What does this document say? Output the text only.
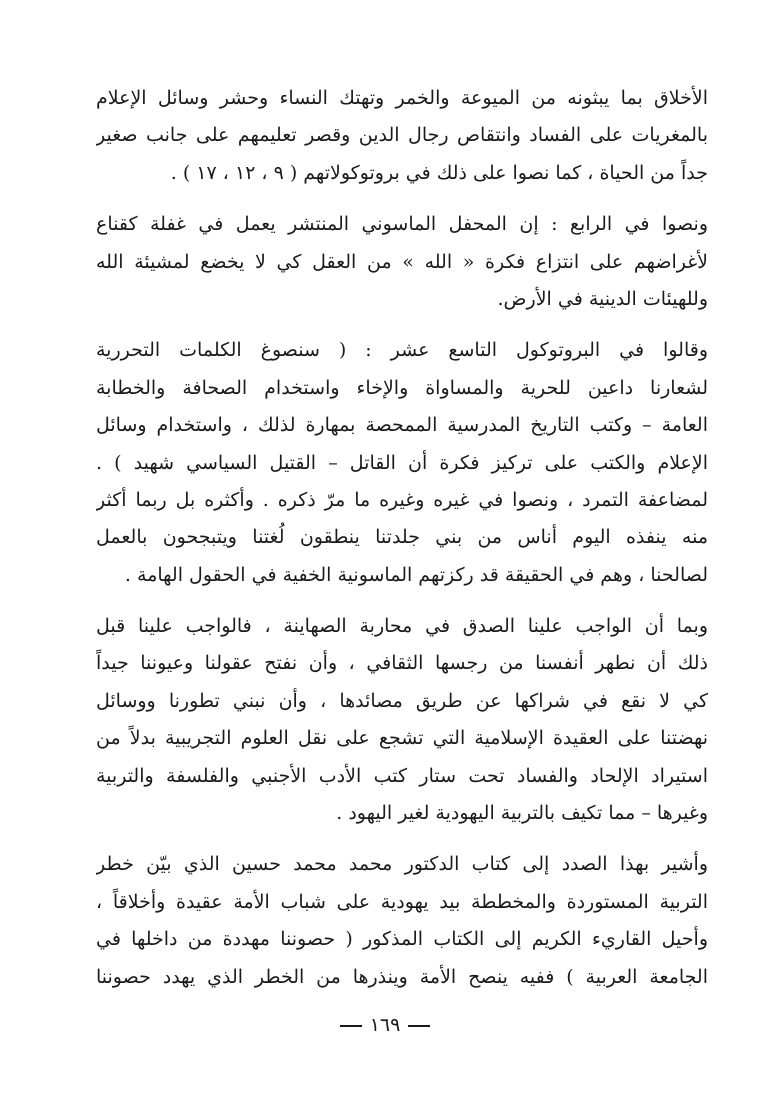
الأخلاق بما يبثونه من الميوعة والخمر وتهتك النساء وحشر وسائل الإعلام
بالمغريات على الفساد وانتقاص رجال الدين وقصر تعليمهم على جانب صغير
جداً من الحياة ، كما نصوا على ذلك في بروتوكولاتهم ( ٩ ، ١٢ ، ١٧ ) .
ونصوا في الرابع : إن المحفل الماسوني المنتشر يعمل في غفلة كقناع
لأغراضهم على انتزاع فكرة « الله » من العقل كي لا يخضع لمشيئة الله
وللهيئات الدينية في الأرض.
وقالوا في البروتوكول التاسع عشر : ( سنصوغ الكلمات التحررية
لشعارنا داعين للحرية والمساواة والإخاء واستخدام الصحافة والخطابة
العامة – وكتب التاريخ المدرسية الممحصة بمهارة لذلك ، واستخدام وسائل
الإعلام والكتب على تركيز فكرة أن القاتل – القتيل السياسي شهيد ) .
لمضاعفة التمرد ، ونصوا في غيره وغيره ما مرّ ذكره . وأكثره بل ربما أكثر
منه ينفذه اليوم أناس من بني جلدتنا ينطقون لُغتنا ويتبجحون بالعمل
لصالحنا ، وهم في الحقيقة قد ركزتهم الماسونية الخفية في الحقول الهامة .
وبما أن الواجب علينا الصدق في محاربة الصهاينة ، فالواجب علينا قبل
ذلك أن نطهر أنفسنا من رجسها الثقافي ، وأن نفتح عقولنا وعيوننا جيداً
كي لا نقع في شراكها عن طريق مصائدها ، وأن نبني تطورنا ووسائل
نهضتنا على العقيدة الإسلامية التي تشجع على نقل العلوم التجريبية بدلاً من
استيراد الإلحاد والفساد تحت ستار كتب الأدب الأجنبي والفلسفة والتربية
وغيرها – مما تكيف بالتربية اليهودية لغير اليهود .
وأشير بهذا الصدد إلى كتاب الدكتور محمد محمد حسين الذي بيّن خطر
التربية المستوردة والمخططة بيد يهودية على شباب الأمة عقيدة وأخلاقاً ،
وأحيل القاريء الكريم إلى الكتاب المذكور ( حصوننا مهددة من داخلها في
الجامعة العربية ) ففيه ينصح الأمة وينذرها من الخطر الذي يهدد حصوننا
١٦٩
